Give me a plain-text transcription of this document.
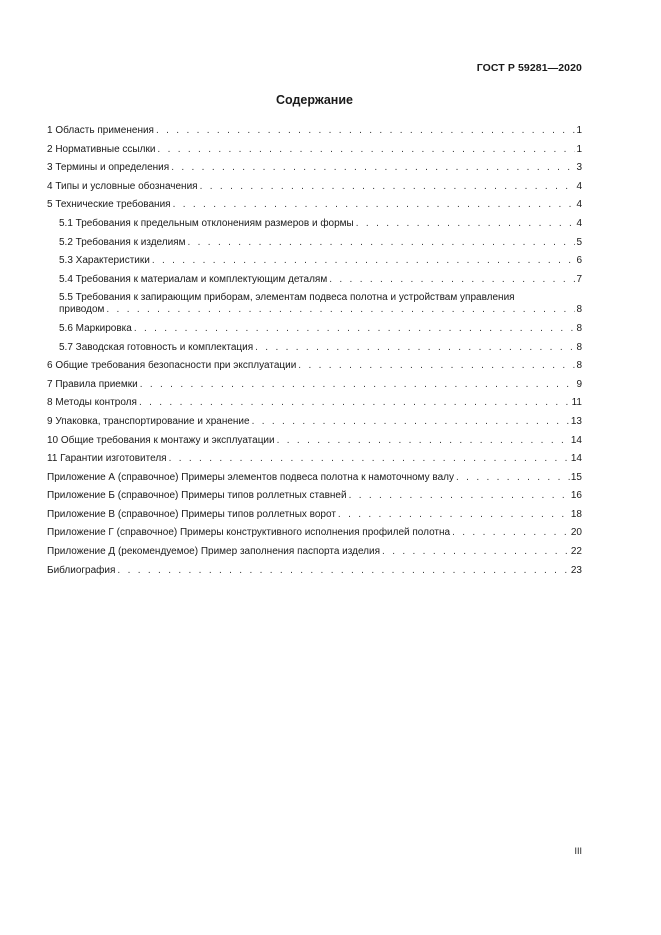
ГОСТ Р 59281—2020
Содержание
1 Область применения . . .	1
2 Нормативные ссылки . . .	1
3 Термины и определения . . .	3
4 Типы и условные обозначения . . .	4
5 Технические требования . . .	4
5.1 Требования к предельным отклонениям размеров и формы . . .	4
5.2 Требования к изделиям . . .	5
5.3 Характеристики . . .	6
5.4 Требования к материалам и комплектующим деталям . . .	7
5.5 Требования к запирающим приборам, элементам подвеса полотна и устройствам управления
приводом . . .	8
5.6 Маркировка . . .	8
5.7 Заводская готовность и комплектация . . .	8
6 Общие требования безопасности при эксплуатации . . .	8
7 Правила приемки . . .	9
8 Методы контроля . . .	11
9 Упаковка, транспортирование и хранение . . .	13
10 Общие требования к монтажу и эксплуатации . . .	14
11 Гарантии изготовителя . . .	14
Приложение А (справочное) Примеры элементов подвеса полотна к намоточному валу . . .	15
Приложение Б (справочное) Примеры типов роллетных ставней . . .	16
Приложение В (справочное) Примеры типов роллетных ворот . . .	18
Приложение Г (справочное) Примеры конструктивного исполнения профилей полотна . . .	20
Приложение Д (рекомендуемое) Пример заполнения паспорта изделия . . .	22
Библиография . . .	23
III
